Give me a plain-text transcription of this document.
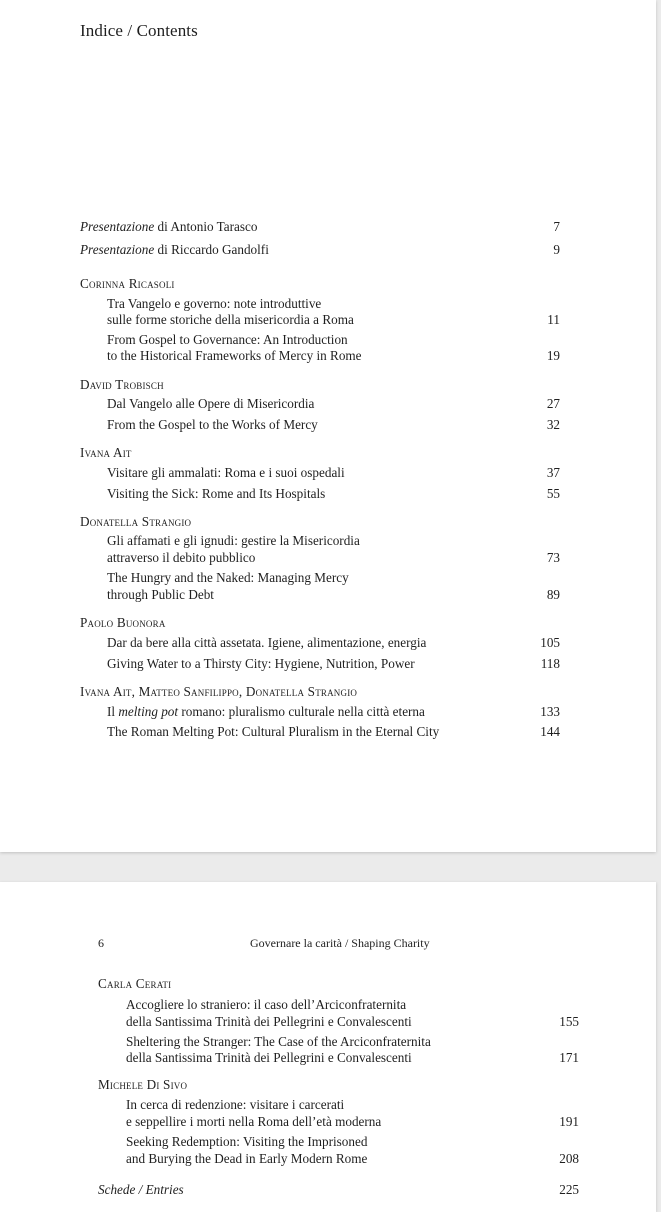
Indice / Contents
6	Governare la carità / Shaping Charity
Presentazione di Antonio Tarasco	7
Presentazione di Riccardo Gandolfi	9
Corinna Ricasoli
Tra Vangelo e governo: note introduttive
sulle forme storiche della misericordia a Roma	11
From Gospel to Governance: An Introduction
to the Historical Frameworks of Mercy in Rome	19
David Trobisch
Dal Vangelo alle Opere di Misericordia	27
From the Gospel to the Works of Mercy	32
Ivana Ait
Visitare gli ammalati: Roma e i suoi ospedali	37
Visiting the Sick: Rome and Its Hospitals	55
Donatella Strangio
Gli affamati e gli ignudi: gestire la Misericordia
attraverso il debito pubblico	73
The Hungry and the Naked: Managing Mercy
through Public Debt	89
Paolo Buonora
Dar da bere alla città assetata. Igiene, alimentazione, energia	105
Giving Water to a Thirsty City: Hygiene, Nutrition, Power	118
Ivana Ait, Matteo Sanfilippo, Donatella Strangio
Il melting pot romano: pluralismo culturale nella città eterna	133
The Roman Melting Pot: Cultural Pluralism in the Eternal City	144
Carla Cerati
Accogliere lo straniero: il caso dell’Arciconfraternita
della Santissima Trinità dei Pellegrini e Convalescenti	155
Sheltering the Stranger: The Case of the Arciconfraternita
della Santissima Trinità dei Pellegrini e Convalescenti	171
Michele Di Sivo
In cerca di redenzione: visitare i carcerati
e seppellire i morti nella Roma dell’età moderna	191
Seeking Redemption: Visiting the Imprisoned
and Burying the Dead in Early Modern Rome	208
Schede / Entries	225
